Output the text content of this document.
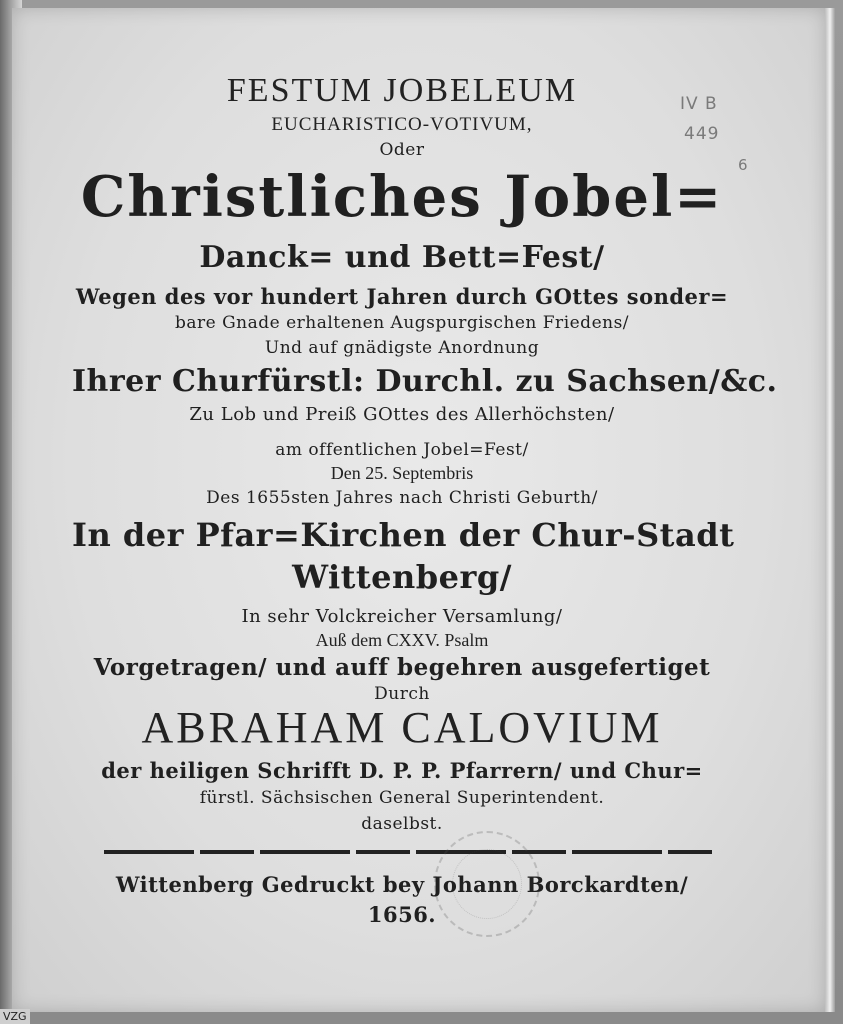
IV B
449
6
FESTUM JOBELEUM
EUCHARISTICO-VOTIVUM,
Oder
Christliches Jobel=
Danck= und Bett=Fest/
Wegen des vor hundert Jahren durch GOttes sonder=
bare Gnade erhaltenen Augspurgischen Friedens/
Und auf gnädigste Anordnung
Ihrer Churfürstl: Durchl. zu Sachsen/&c.
Zu Lob und Preiß GOttes des Allerhöchsten/
am offentlichen Jobel=Fest/
Den 25. Septembris
Des 1655sten Jahres nach Christi Geburth/
In der Pfar=Kirchen der Chur-Stadt
Wittenberg/
In sehr Volckreicher Versamlung/
Auß dem CXXV. Psalm
Vorgetragen/ und auff begehren ausgefertiget
Durch
ABRAHAM CALOVIUM
der heiligen Schrifft D. P. P. Pfarrern/ und Chur=
fürstl. Sächsischen General Superintendent.
daselbst.
Wittenberg Gedruckt bey Johann Borckardten/
1656.
VZG
